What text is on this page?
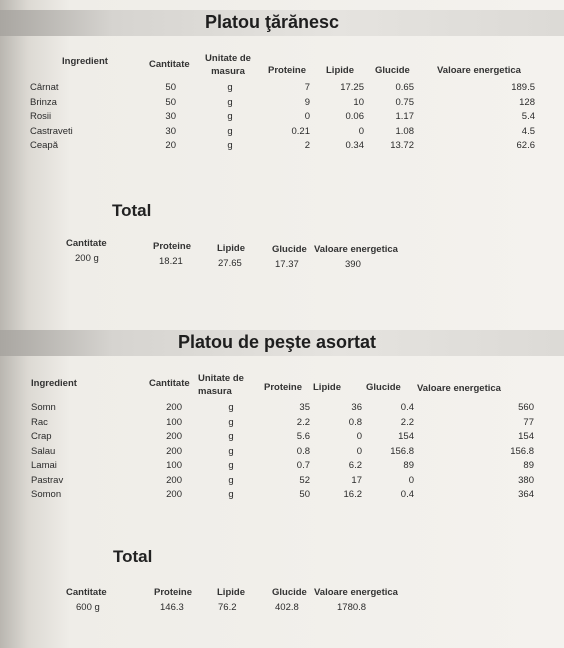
Platou ţărănesc
Ingredient	Cantitate
Unitate de
masura	Proteine Lipide Glucide	Valoare energetica
Cârnat	50	g	7	17.25	0.65	189.5
Brinza	50	g	9	10	0.75	128
Rosii	30	g	0	0.06	1.17	5.4
Castraveti	30	g	0.21	0	1.08	4.5
Ceapă	20	g	2	0.34	13.72	62.6
Total
Cantitate	Proteine	Lipide	Glucide Valoare energetica
200 g	18.21	27.65	17.37	390
Platou de peşte asortat
Ingredient	Cantitate Unitate de
masura	Proteine Lipide	Glucide Valoare energetica
Somn	200	g	35	36	0.4	560
Rac	100	g	2.2	0.8	2.2	77
Crap	200	g	5.6	0	154	154
Salau	200	g	0.8	0	156.8	156.8
Lamai	100	g	0.7	6.2	89	89
Pastrav	200	g	52	17	0	380
Somon	200	g	50	16.2	0.4	364
Total
Cantitate	Proteine	Lipide	Glucide Valoare energetica
600 g	146.3	76.2	402.8	1780.8
